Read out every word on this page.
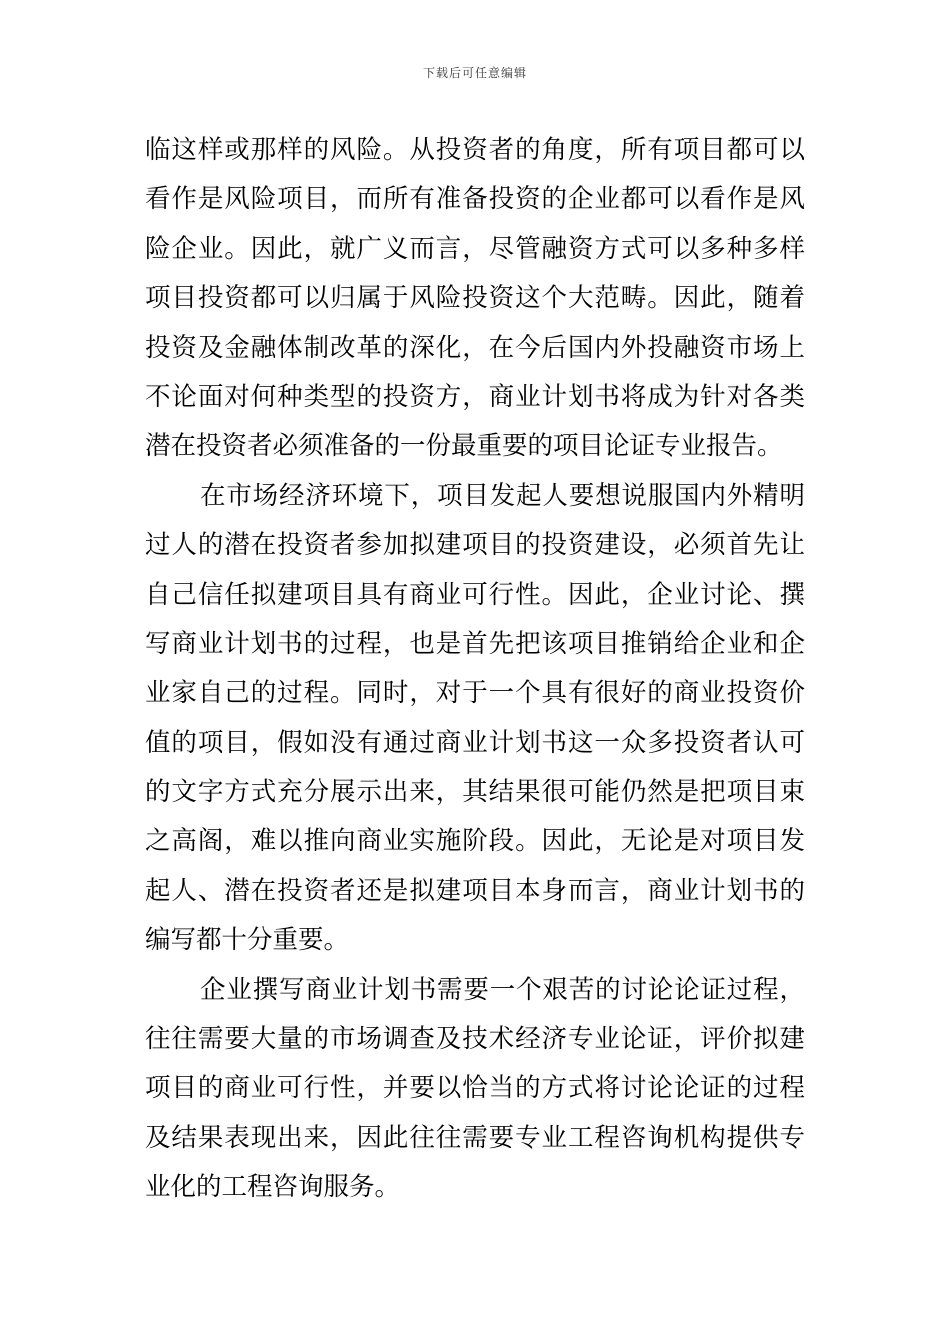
下载后可任意编辑
临这样或那样的风险。从投资者的角度，所有项目都可以
看作是风险项目，而所有准备投资的企业都可以看作是风
险企业。因此，就广义而言，尽管融资方式可以多种多样
项目投资都可以归属于风险投资这个大范畴。因此，随着
投资及金融体制改革的深化，在今后国内外投融资市场上
不论面对何种类型的投资方，商业计划书将成为针对各类
潜在投资者必须准备的一份最重要的项目论证专业报告。
在市场经济环境下，项目发起人要想说服国内外精明
过人的潜在投资者参加拟建项目的投资建设，必须首先让
自己信任拟建项目具有商业可行性。因此，企业讨论、撰
写商业计划书的过程，也是首先把该项目推销给企业和企
业家自己的过程。同时，对于一个具有很好的商业投资价
值的项目，假如没有通过商业计划书这一众多投资者认可
的文字方式充分展示出来，其结果很可能仍然是把项目束
之高阁，难以推向商业实施阶段。因此，无论是对项目发
起人、潜在投资者还是拟建项目本身而言，商业计划书的
编写都十分重要。
企业撰写商业计划书需要一个艰苦的讨论论证过程，
往往需要大量的市场调查及技术经济专业论证，评价拟建
项目的商业可行性，并要以恰当的方式将讨论论证的过程
及结果表现出来，因此往往需要专业工程咨询机构提供专
业化的工程咨询服务。
